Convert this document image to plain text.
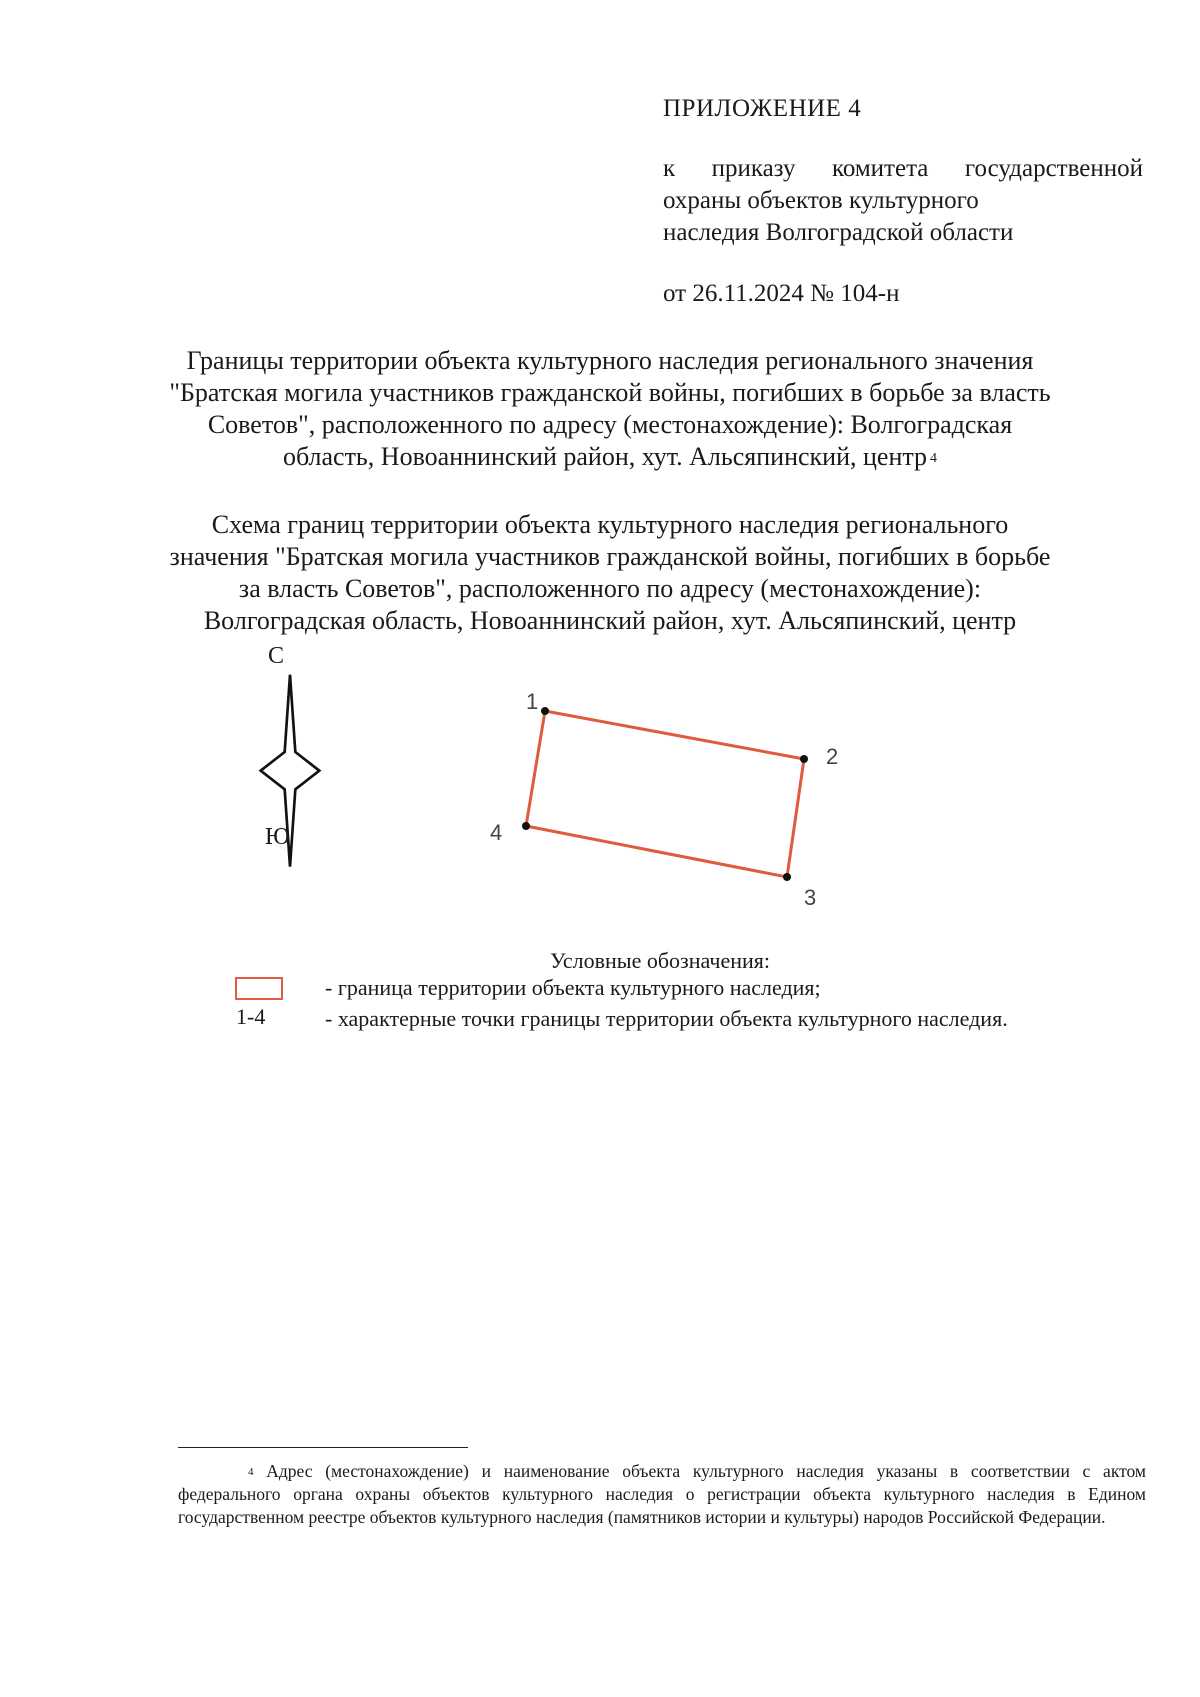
ПРИЛОЖЕНИЕ 4
к приказу комитета государственной
охраны объектов культурного
наследия Волгоградской области
от 26.11.2024 № 104-н
Границы территории объекта культурного наследия регионального значения
"Братская могила участников гражданской войны, погибших в борьбе за власть
Советов", расположенного по адресу (местонахождение): Волгоградская
область, Новоаннинский район, хут. Альсяпинский, центр $^4$
Схема границ территории объекта культурного наследия регионального
значения "Братская могила участников гражданской войны, погибших в борьбе
за власть Советов", расположенного по адресу (местонахождение):
Волгоградская область, Новоаннинский район, хут. Альсяпинский, центр
С
Ю
1
2
3
4
Условные обозначения:
- граница территории объекта культурного наследия;
1-4	- характерные точки границы территории объекта культурного наследия.
$^4$ Адрес (местонахождение) и наименование объекта культурного наследия указаны в соответствии с актом федерального органа охраны объектов культурного наследия о регистрации объекта культурного наследия в Едином государственном реестре объектов культурного наследия (памятников истории и культуры) народов Российской Федерации.
